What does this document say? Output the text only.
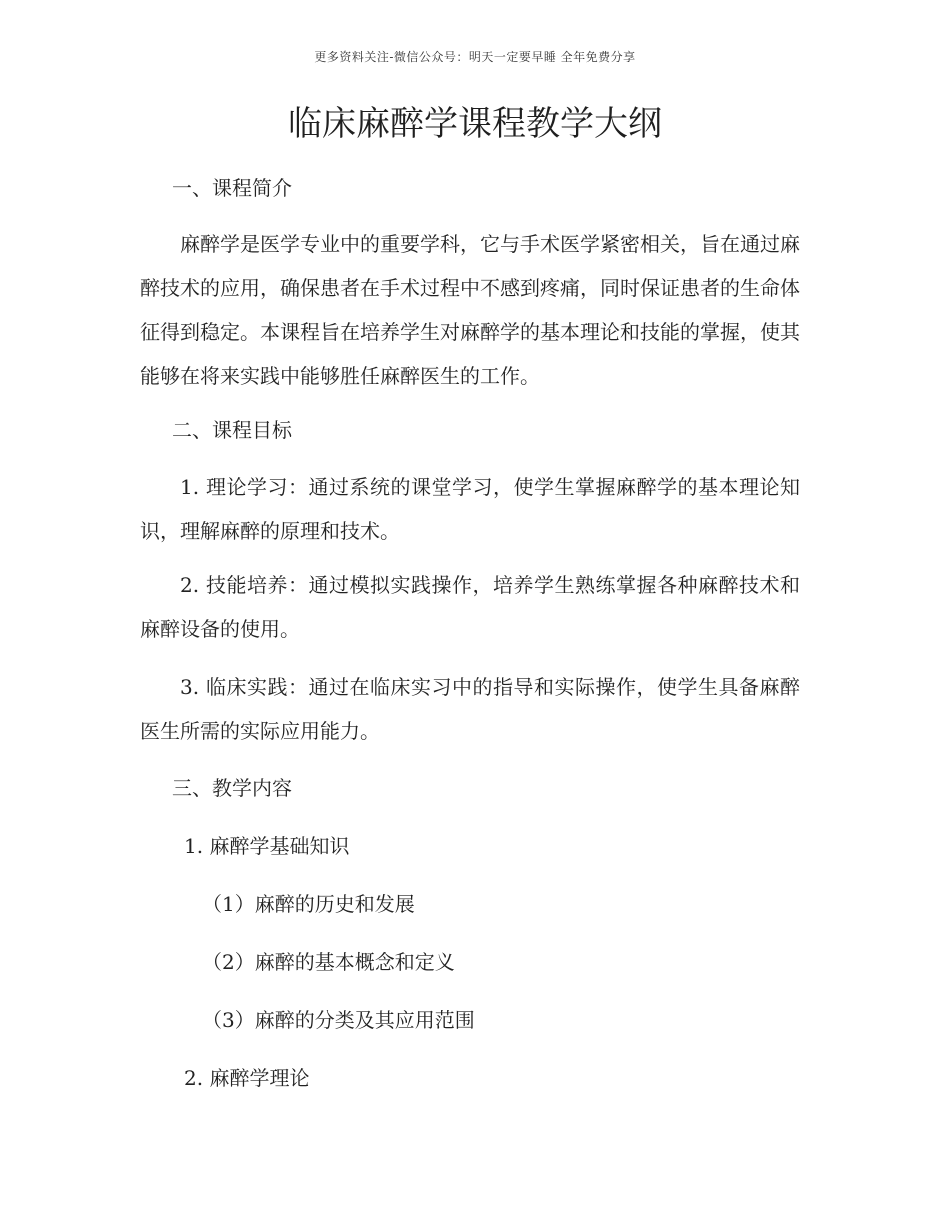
更多资料关注-微信公众号：明天一定要早睡 全年免费分享
临床麻醉学课程教学大纲
一、课程简介
麻醉学是医学专业中的重要学科，它与手术医学紧密相关，旨在通过麻醉技术的应用，确保患者在手术过程中不感到疼痛，同时保证患者的生命体征得到稳定。本课程旨在培养学生对麻醉学的基本理论和技能的掌握，使其能够在将来实践中能够胜任麻醉医生的工作。
二、课程目标
1. 理论学习：通过系统的课堂学习，使学生掌握麻醉学的基本理论知识，理解麻醉的原理和技术。
2. 技能培养：通过模拟实践操作，培养学生熟练掌握各种麻醉技术和麻醉设备的使用。
3. 临床实践：通过在临床实习中的指导和实际操作，使学生具备麻醉医生所需的实际应用能力。
三、教学内容
1. 麻醉学基础知识
（1）麻醉的历史和发展
（2）麻醉的基本概念和定义
（3）麻醉的分类及其应用范围
2. 麻醉学理论
